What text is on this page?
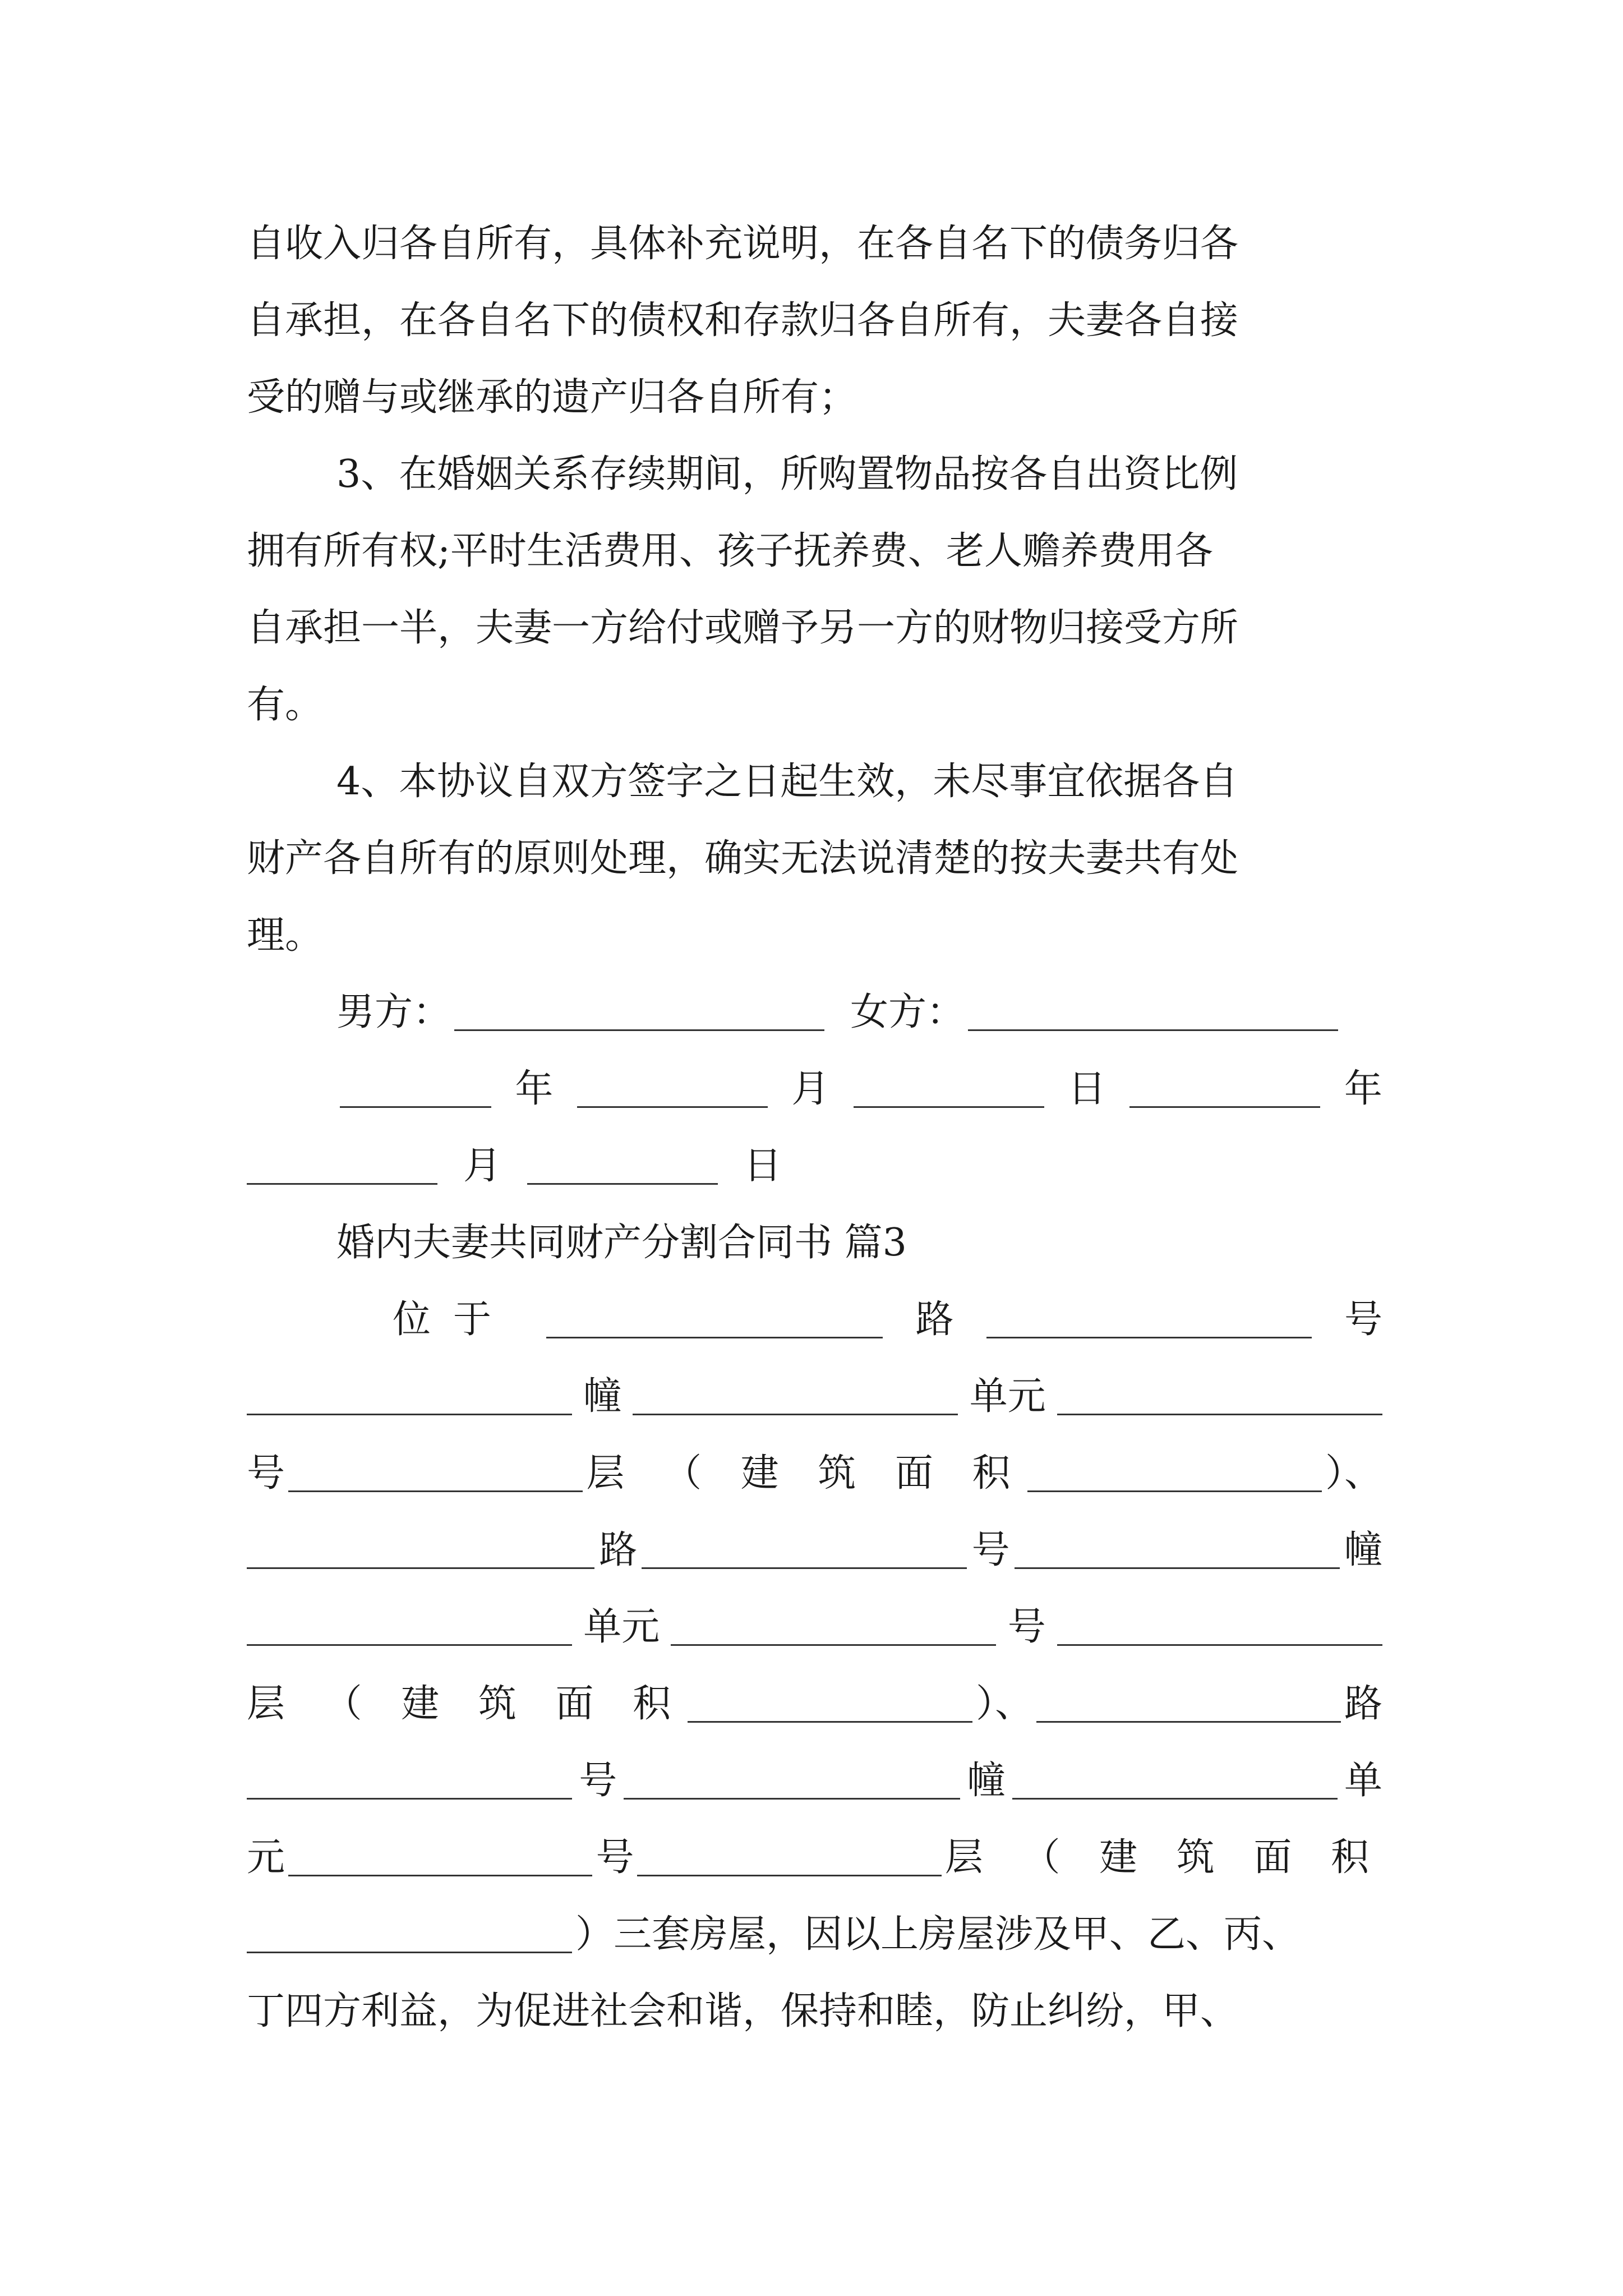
自收入归各自所有，具体补充说明，在各自名下的债务归各
自承担，在各自名下的债权和存款归各自所有，夫妻各自接
受的赠与或继承的遗产归各自所有；
3、在婚姻关系存续期间，所购置物品按各自出资比例
拥有所有权;平时生活费用、孩子抚养费、老人赡养费用各
自承担一半，夫妻一方给付或赠予另一方的财物归接受方所
有。
4、本协议自双方签字之日起生效，未尽事宜依据各自
财产各自所有的原则处理，确实无法说清楚的按夫妻共有处
理。
男方：	女方：
年	月	日	年
月	日
婚内夫妻共同财产分割合同书 篇3
位于	路	号
幢	单元
号	层 （ 建 筑 面 积	）、
路	号	幢
单元	号
层 （ 建 筑 面 积	）、	路
号	幢	单
元	号	层 （ 建 筑 面 积
）三套房屋，因以上房屋涉及甲、乙、丙、
丁四方利益，为促进社会和谐，保持和睦，防止纠纷，甲、
